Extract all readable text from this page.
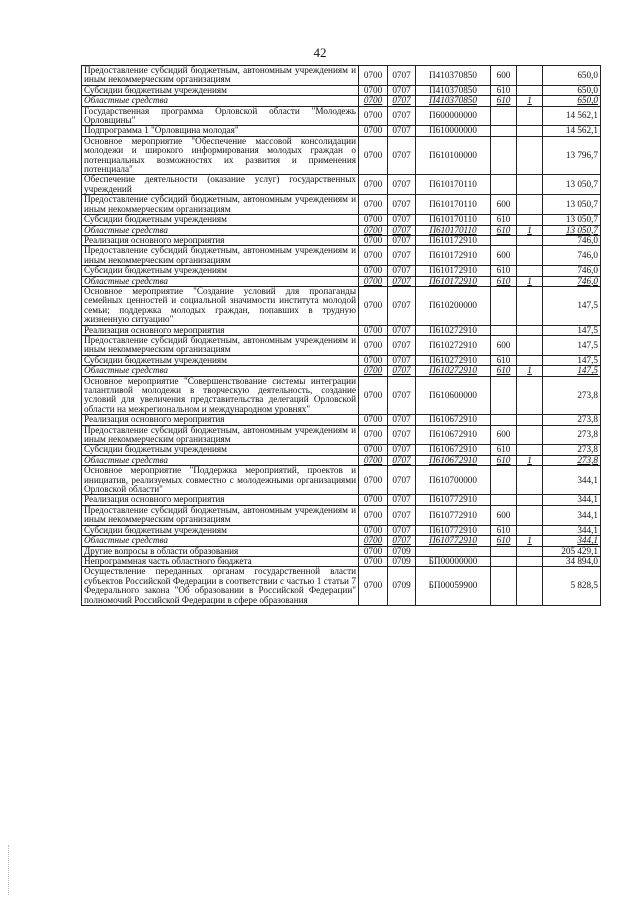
42
Предоставление субсидий бюджетным, автономным учреждениям и иным некоммерческим организациям	0700	0707	П410370850	600		650,0
Субсидии бюджетным учреждениям	0700	0707	П410370850	610		650,0
Областные средства	0700	0707	П410370850	610	1	650,0
Государственная программа Орловской области "Молодежь Орловщины"	0700	0707	П600000000			14 562,1
Подпрограмма 1 "Орловщина молодая"	0700	0707	П610000000			14 562,1
Основное мероприятие "Обеспечение массовой консолидации молодежи и широкого информирования молодых граждан о потенциальных возможностях их развития и применения потенциала"	0700	0707	П610100000			13 796,7
Обеспечение деятельности (оказание услуг) государственных учреждений	0700	0707	П610170110			13 050,7
Предоставление субсидий бюджетным, автономным учреждениям и иным некоммерческим организациям	0700	0707	П610170110	600		13 050,7
Субсидии бюджетным учреждениям	0700	0707	П610170110	610		13 050,7
Областные средства	0700	0707	П610170110	610	1	13 050,7
Реализация основного мероприятия	0700	0707	П610172910			746,0
Предоставление субсидий бюджетным, автономным учреждениям и иным некоммерческим организациям	0700	0707	П610172910	600		746,0
Субсидии бюджетным учреждениям	0700	0707	П610172910	610		746,0
Областные средства	0700	0707	П610172910	610	1	746,0
Основное мероприятие "Создание условий для пропаганды семейных ценностей и социальной значимости института молодой семьи; поддержка молодых граждан, попавших в трудную жизненную ситуацию"	0700	0707	П610200000			147,5
Реализация основного мероприятия	0700	0707	П610272910			147,5
Предоставление субсидий бюджетным, автономным учреждениям и иным некоммерческим организациям	0700	0707	П610272910	600		147,5
Субсидии бюджетным учреждениям	0700	0707	П610272910	610		147,5
Областные средства	0700	0707	П610272910	610	1	147,5
Основное мероприятие "Совершенствование системы интеграции талантливой молодежи в творческую деятельность, создание условий для увеличения представительства делегаций Орловской области на межрегиональном и международном уровнях"	0700	0707	П610600000			273,8
Реализация основного мероприятия	0700	0707	П610672910			273,8
Предоставление субсидий бюджетным, автономным учреждениям и иным некоммерческим организациям	0700	0707	П610672910	600		273,8
Субсидии бюджетным учреждениям	0700	0707	П610672910	610		273,8
Областные средства	0700	0707	П610672910	610	1	273,8
Основное мероприятие "Поддержка мероприятий, проектов и инициатив, реализуемых совместно с молодежными организациями Орловской области"	0700	0707	П610700000			344,1
Реализация основного мероприятия	0700	0707	П610772910			344,1
Предоставление субсидий бюджетным, автономным учреждениям и иным некоммерческим организациям	0700	0707	П610772910	600		344,1
Субсидии бюджетным учреждениям	0700	0707	П610772910	610		344,1
Областные средства	0700	0707	П610772910	610	1	344,1
Другие вопросы в области образования	0700	0709				205 429,1
Непрограммная часть областного бюджета	0700	0709	БП00000000			34 894,0
Осуществление переданных органам государственной власти субъектов Российской Федерации в соответствии с частью 1 статьи 7 Федерального закона "Об образовании в Российской Федерации" полномочий Российской Федерации в сфере образования	0700	0709	БП00059900			5 828,5
